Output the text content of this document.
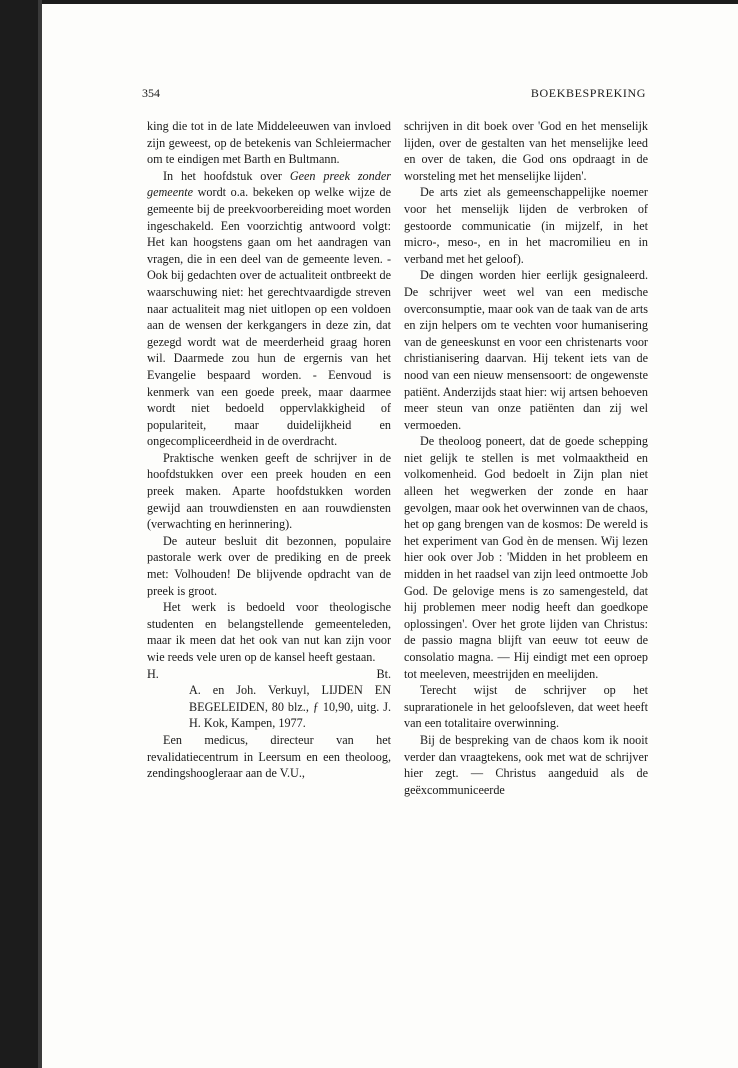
354	BOEKBESPREKING

king die tot in de late Middeleeuwen van invloed zijn geweest, op de betekenis van Schleiermacher om te eindigen met Barth en Bultmann.

In het hoofdstuk over Geen preek zonder gemeente wordt o.a. bekeken op welke wijze de gemeente bij de preekvoorbereiding moet worden ingeschakeld. Een voorzichtig antwoord volgt: Het kan hoogstens gaan om het aandragen van vragen, die in een deel van de gemeente leven. - Ook bij gedachten over de actualiteit ontbreekt de waarschuwing niet: het gerechtvaardigde streven naar actualiteit mag niet uitlopen op een voldoen aan de wensen der kerkgangers in deze zin, dat gezegd wordt wat de meerderheid graag horen wil. Daarmede zou hun de ergernis van het Evangelie bespaard worden. - Eenvoud is kenmerk van een goede preek, maar daarmee wordt niet bedoeld oppervlakkigheid of populariteit, maar duidelijkheid en ongecompliceerdheid in de overdracht.

Praktische wenken geeft de schrijver in de hoofdstukken over een preek houden en een preek maken. Aparte hoofdstukken worden gewijd aan trouwdiensten en aan rouwdiensten (verwachting en herinnering).

De auteur besluit dit bezonnen, populaire pastorale werk over de prediking en de preek met: Volhouden! De blijvende opdracht van de preek is groot.

Het werk is bedoeld voor theologische studenten en belangstellende gemeenteleden, maar ik meen dat het ook van nut kan zijn voor wie reeds vele uren op de kansel heeft gestaan.

H.	Bt.

A. en Joh. Verkuyl, LIJDEN EN BEGELEIDEN, 80 blz., ƒ 10,90, uitg. J. H. Kok, Kampen, 1977.

Een medicus, directeur van het revalidatiecentrum in Leersum en een theoloog, zendingshoogleraar aan de V.U.,

schrijven in dit boek over 'God en het menselijk lijden, over de gestalten van het menselijke leed en over de taken, die God ons opdraagt in de worsteling met het menselijke lijden'.

De arts ziet als gemeenschappelijke noemer voor het menselijk lijden de verbroken of gestoorde communicatie (in mijzelf, in het micro-, meso-, en in het macromilieu en in verband met het geloof).

De dingen worden hier eerlijk gesignaleerd. De schrijver weet wel van een medische overconsumptie, maar ook van de taak van de arts en zijn helpers om te vechten voor humanisering van de geneeskunst en voor een christenarts voor christianisering daarvan. Hij tekent iets van de nood van een nieuw mensensoort: de ongewenste patiënt. Anderzijds staat hier: wij artsen behoeven meer steun van onze patiënten dan zij wel vermoeden.

De theoloog poneert, dat de goede schepping niet gelijk te stellen is met volmaaktheid en volkomenheid. God bedoelt in Zijn plan niet alleen het wegwerken der zonde en haar gevolgen, maar ook het overwinnen van de chaos, het op gang brengen van de kosmos: De wereld is het experiment van God èn de mensen. Wij lezen hier ook over Job : 'Midden in het probleem en midden in het raadsel van zijn leed ontmoette Job God. De gelovige mens is zo samengesteld, dat hij problemen meer nodig heeft dan goedkope oplossingen'. Over het grote lijden van Christus: de passio magna blijft van eeuw tot eeuw de consolatio magna. — Hij eindigt met een oproep tot meeleven, meestrijden en meelijden.

Terecht wijst de schrijver op het suprarationele in het geloofsleven, dat weet heeft van een totalitaire overwinning.

Bij de bespreking van de chaos kom ik nooit verder dan vraagtekens, ook met wat de schrijver hier zegt. — Christus aangeduid als de geëxcommuniceerde
